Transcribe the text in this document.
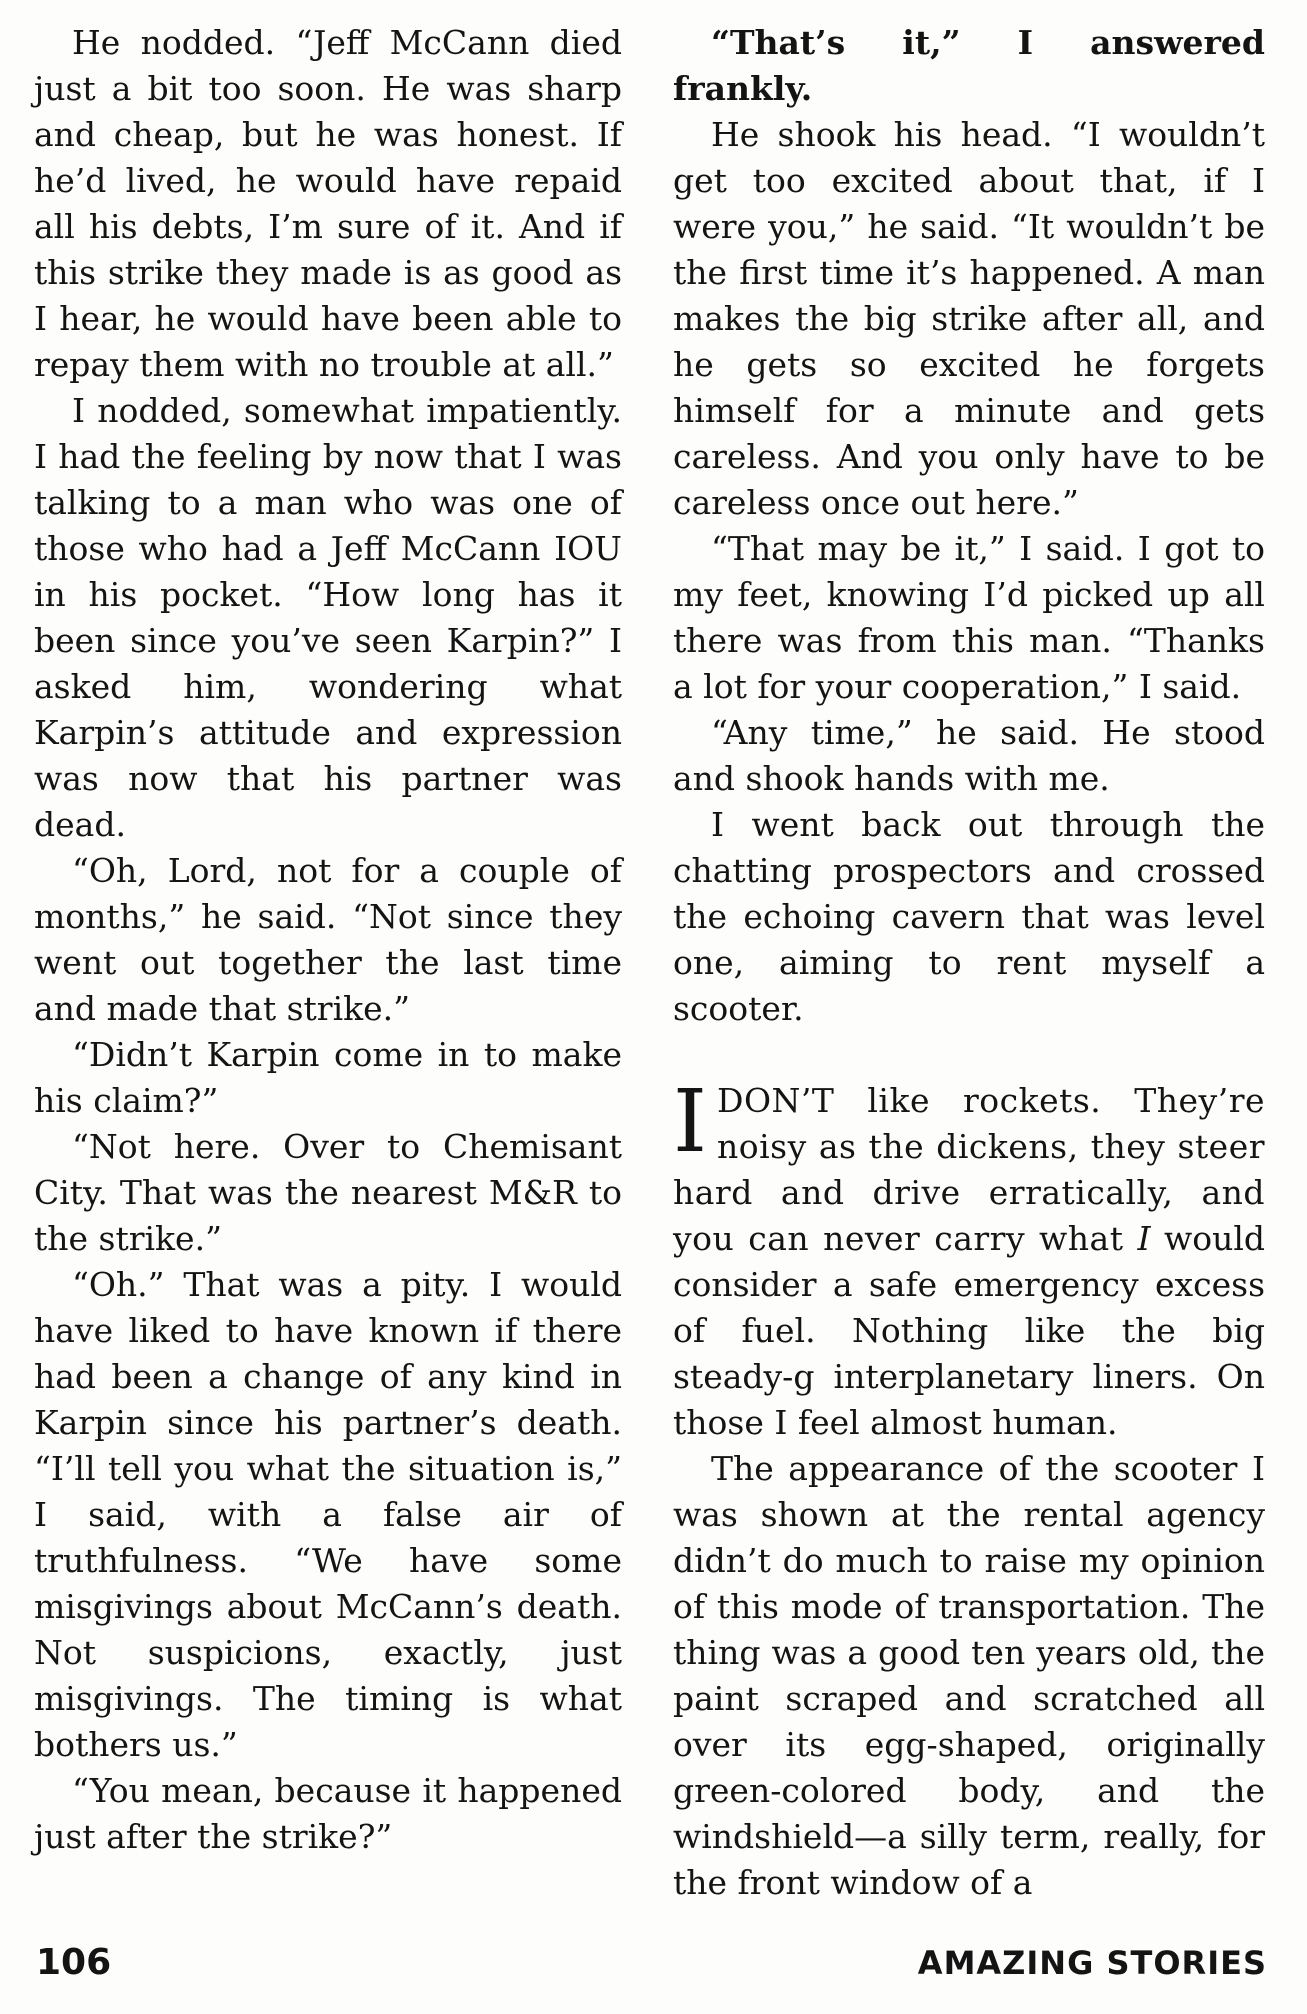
He nodded. “Jeff McCann died just a bit too soon. He was sharp and cheap, but he was honest. If he’d lived, he would have repaid all his debts, I’m sure of it. And if this strike they made is as good as I hear, he would have been able to repay them with no trouble at all.”

I nodded, somewhat impatiently. I had the feeling by now that I was talking to a man who was one of those who had a Jeff McCann IOU in his pocket. “How long has it been since you’ve seen Karpin?” I asked him, wondering what Karpin’s attitude and expression was now that his partner was dead.

“Oh, Lord, not for a couple of months,” he said. “Not since they went out together the last time and made that strike.”

“Didn’t Karpin come in to make his claim?”

“Not here. Over to Chemisant City. That was the nearest M&R to the strike.”

“Oh.” That was a pity. I would have liked to have known if there had been a change of any kind in Karpin since his partner’s death. “I’ll tell you what the situation is,” I said, with a false air of truthfulness. “We have some misgivings about McCann’s death. Not suspicions, exactly, just misgivings. The timing is what bothers us.”

“You mean, because it happened just after the strike?”

“That’s it,” I answered frankly.

He shook his head. “I wouldn’t get too excited about that, if I were you,” he said. “It wouldn’t be the first time it’s happened. A man makes the big strike after all, and he gets so excited he forgets himself for a minute and gets careless. And you only have to be careless once out here.”

“That may be it,” I said. I got to my feet, knowing I’d picked up all there was from this man. “Thanks a lot for your cooperation,” I said.

“Any time,” he said. He stood and shook hands with me.

I went back out through the chatting prospectors and crossed the echoing cavern that was level one, aiming to rent myself a scooter.

I DON’T like rockets. They’re noisy as the dickens, they steer hard and drive erratically, and you can never carry what I would consider a safe emergency excess of fuel. Nothing like the big steady-g interplanetary liners. On those I feel almost human.

The appearance of the scooter I was shown at the rental agency didn’t do much to raise my opinion of this mode of transportation. The thing was a good ten years old, the paint scraped and scratched all over its egg-shaped, originally green-colored body, and the windshield—a silly term, really, for the front window of a

106	AMAZING STORIES
